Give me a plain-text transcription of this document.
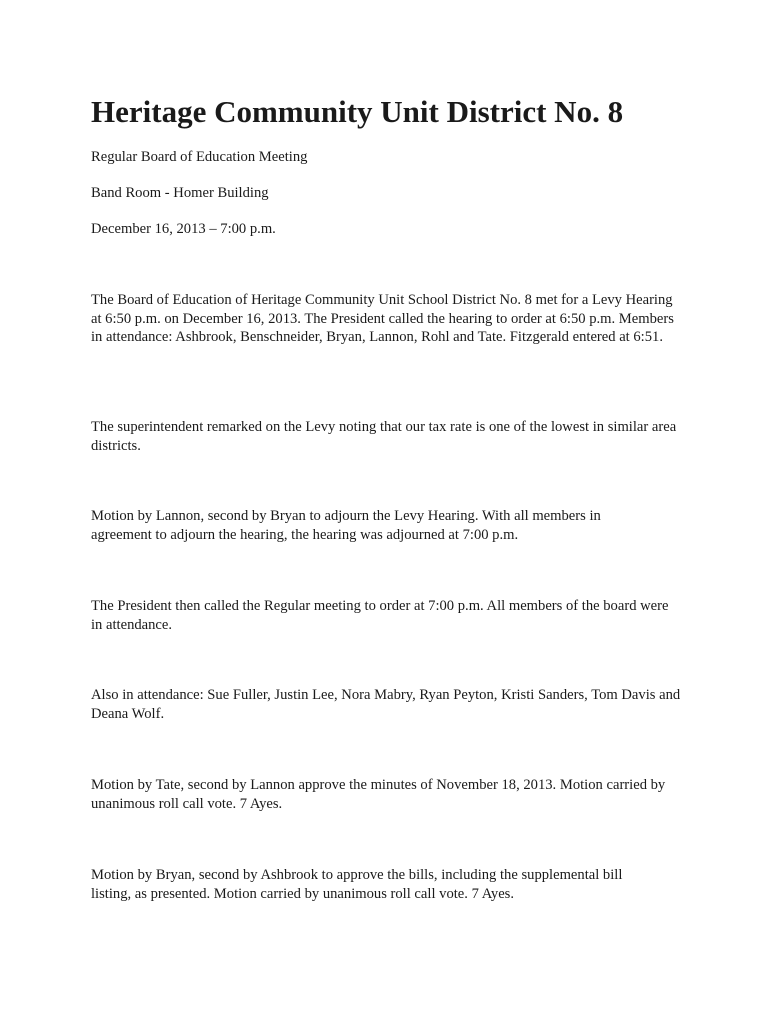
Heritage Community Unit District No. 8

Regular Board of Education Meeting

Band Room - Homer Building

December 16, 2013 – 7:00 p.m.

The Board of Education of Heritage Community Unit School District No. 8 met for a Levy Hearing at 6:50 p.m. on December 16, 2013. The President called the hearing to order at 6:50 p.m. Members in attendance: Ashbrook, Benschneider, Bryan, Lannon, Rohl and Tate. Fitzgerald entered at 6:51.

The superintendent remarked on the Levy noting that our tax rate is one of the lowest in similar area districts.

Motion by Lannon, second by Bryan to adjourn the Levy Hearing. With all members in agreement to adjourn the hearing, the hearing was adjourned at 7:00 p.m.

The President then called the Regular meeting to order at 7:00 p.m. All members of the board were in attendance.

Also in attendance: Sue Fuller, Justin Lee, Nora Mabry, Ryan Peyton, Kristi Sanders, Tom Davis and Deana Wolf.

Motion by Tate, second by Lannon approve the minutes of November 18, 2013. Motion carried by unanimous roll call vote. 7 Ayes.

Motion by Bryan, second by Ashbrook to approve the bills, including the supplemental bill listing, as presented. Motion carried by unanimous roll call vote. 7 Ayes.
